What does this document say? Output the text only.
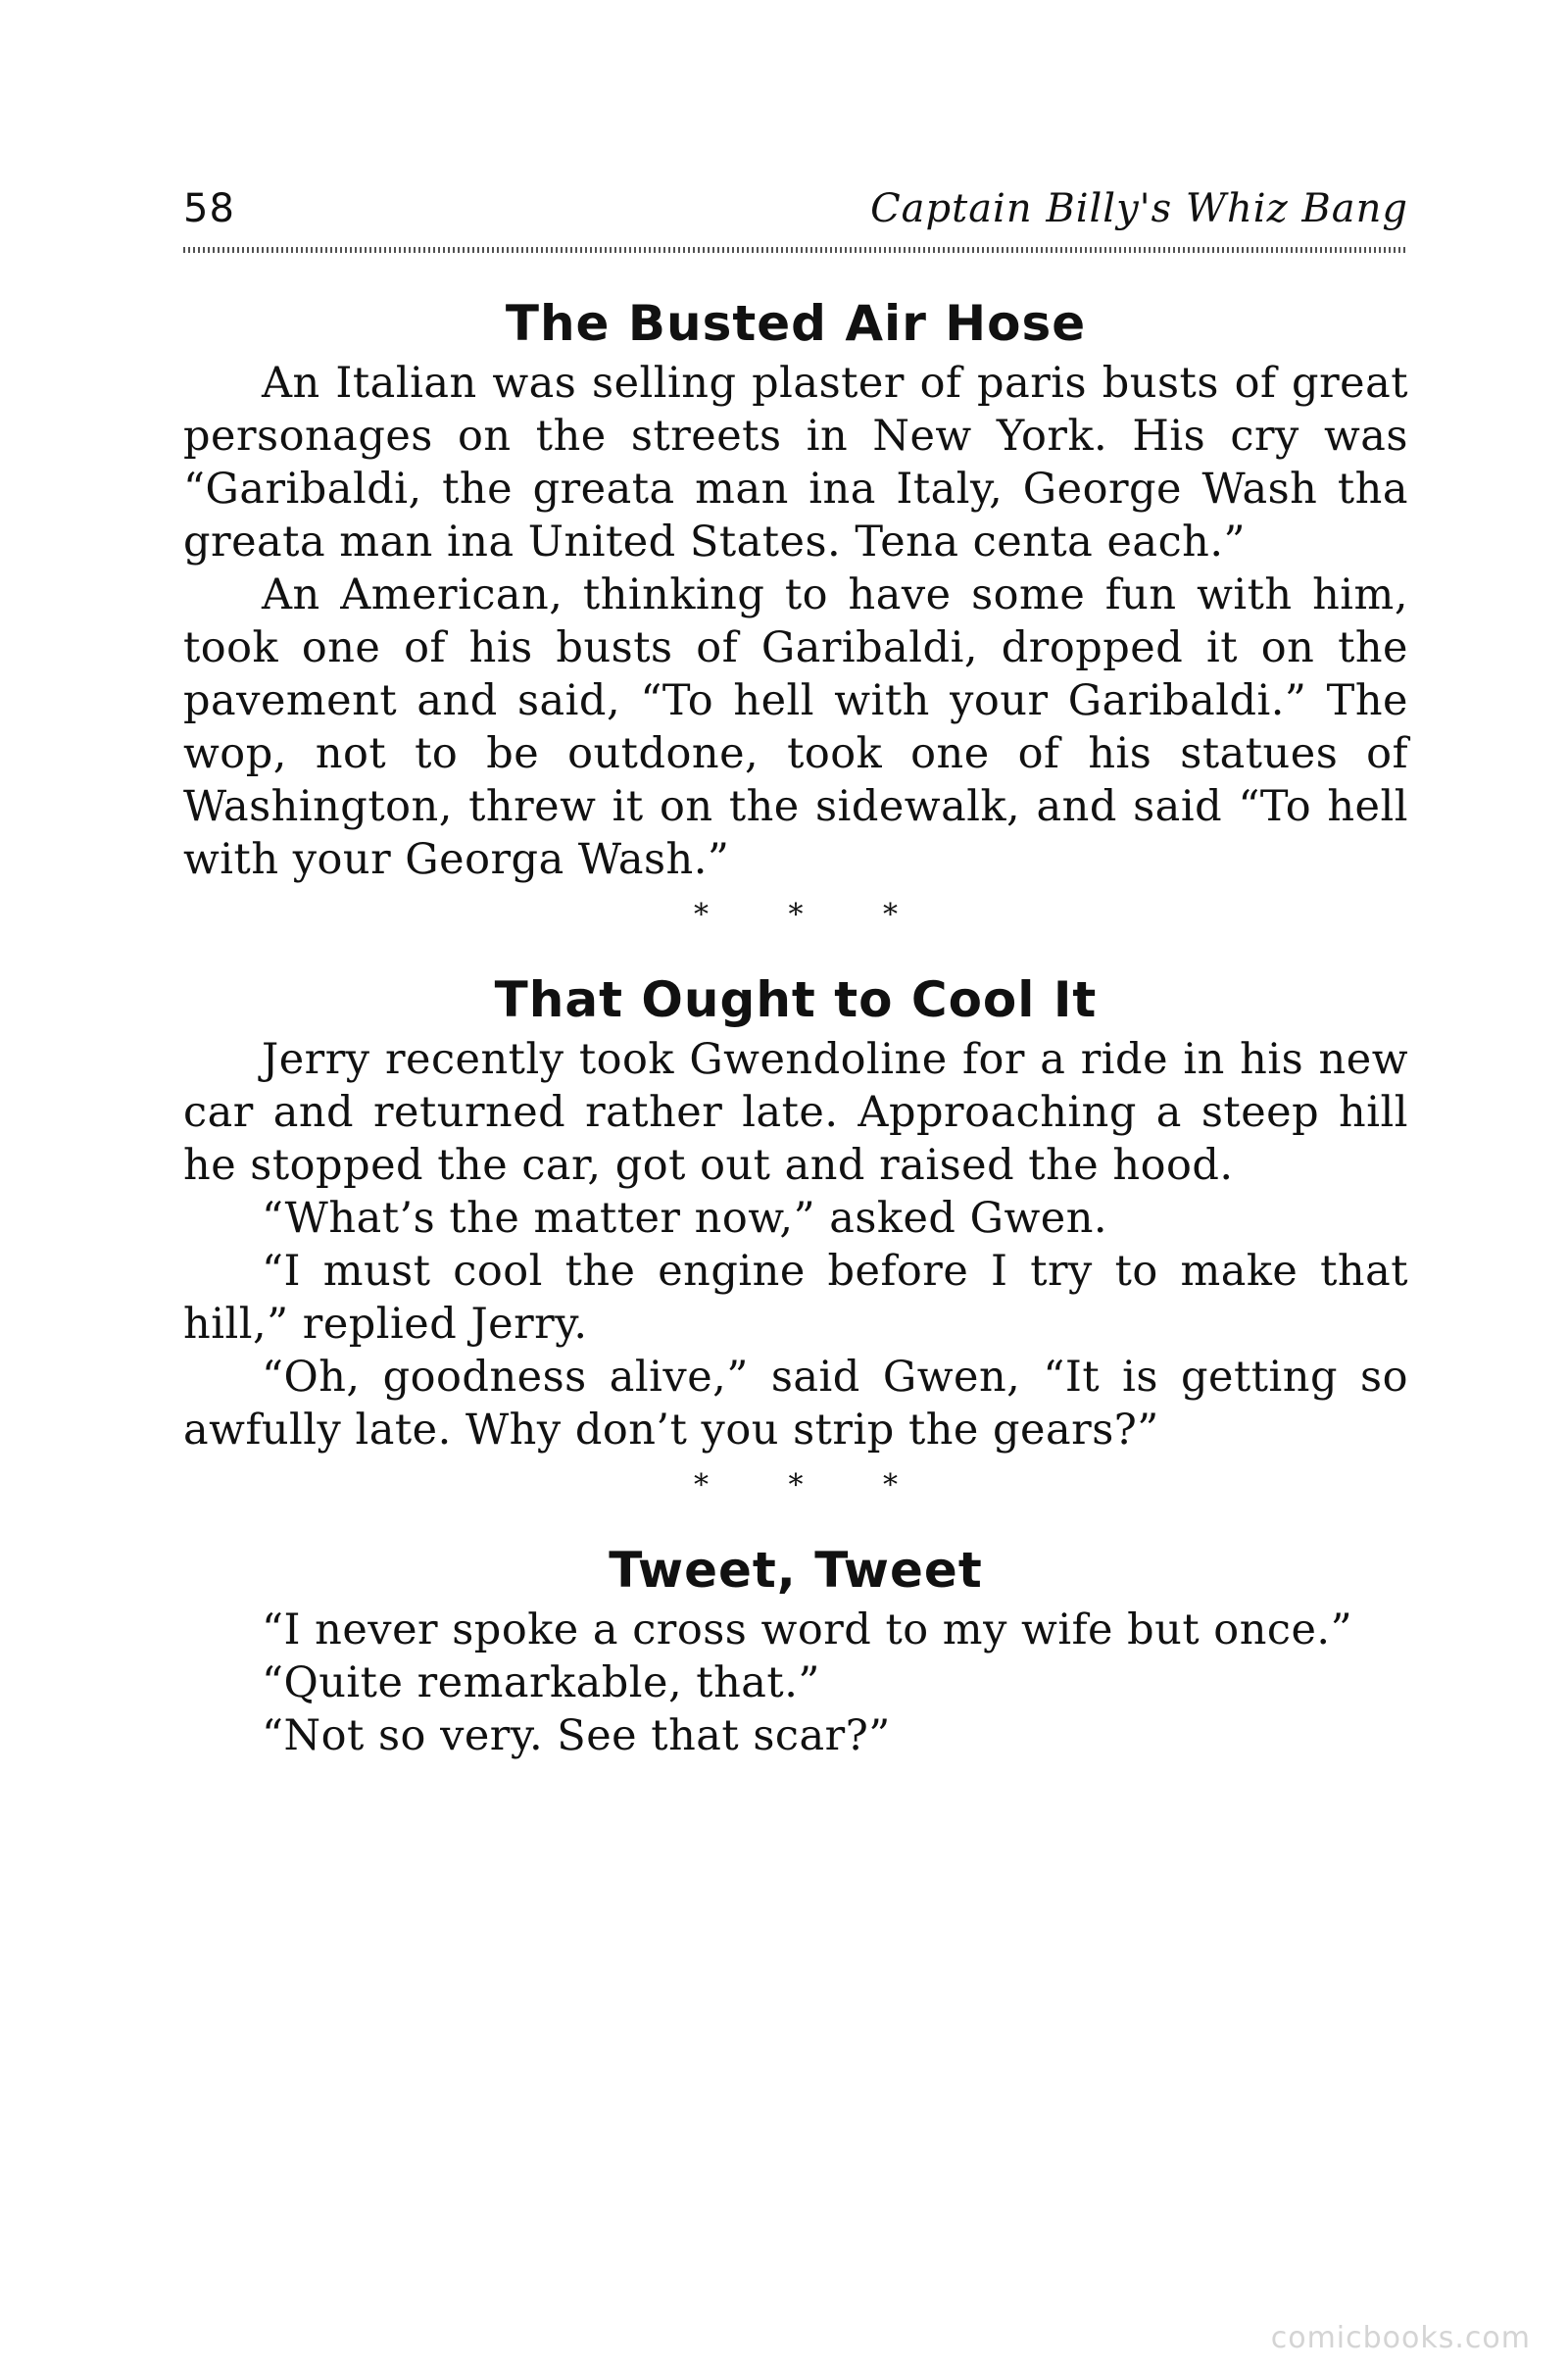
58	Captain Billy's Whiz Bang
The Busted Air Hose

An Italian was selling plaster of paris busts of great personages on the streets in New York. His cry was “Garibaldi, the greata man ina Italy, George Wash tha greata man ina United States. Tena centa each.”

An American, thinking to have some fun with him, took one of his busts of Garibaldi, dropped it on the pavement and said, “To hell with your Garibaldi.” The wop, not to be outdone, took one of his statues of Washington, threw it on the sidewalk, and said “To hell with your Georga Wash.”

* * *
That Ought to Cool It

Jerry recently took Gwendoline for a ride in his new car and returned rather late. Approaching a steep hill he stopped the car, got out and raised the hood.

“What’s the matter now,” asked Gwen.

“I must cool the engine before I try to make that hill,” replied Jerry.

“Oh, goodness alive,” said Gwen, “It is getting so awfully late. Why don’t you strip the gears?”

* * *
Tweet, Tweet

“I never spoke a cross word to my wife but once.”

“Quite remarkable, that.”

“Not so very. See that scar?”

comicbooks.com
